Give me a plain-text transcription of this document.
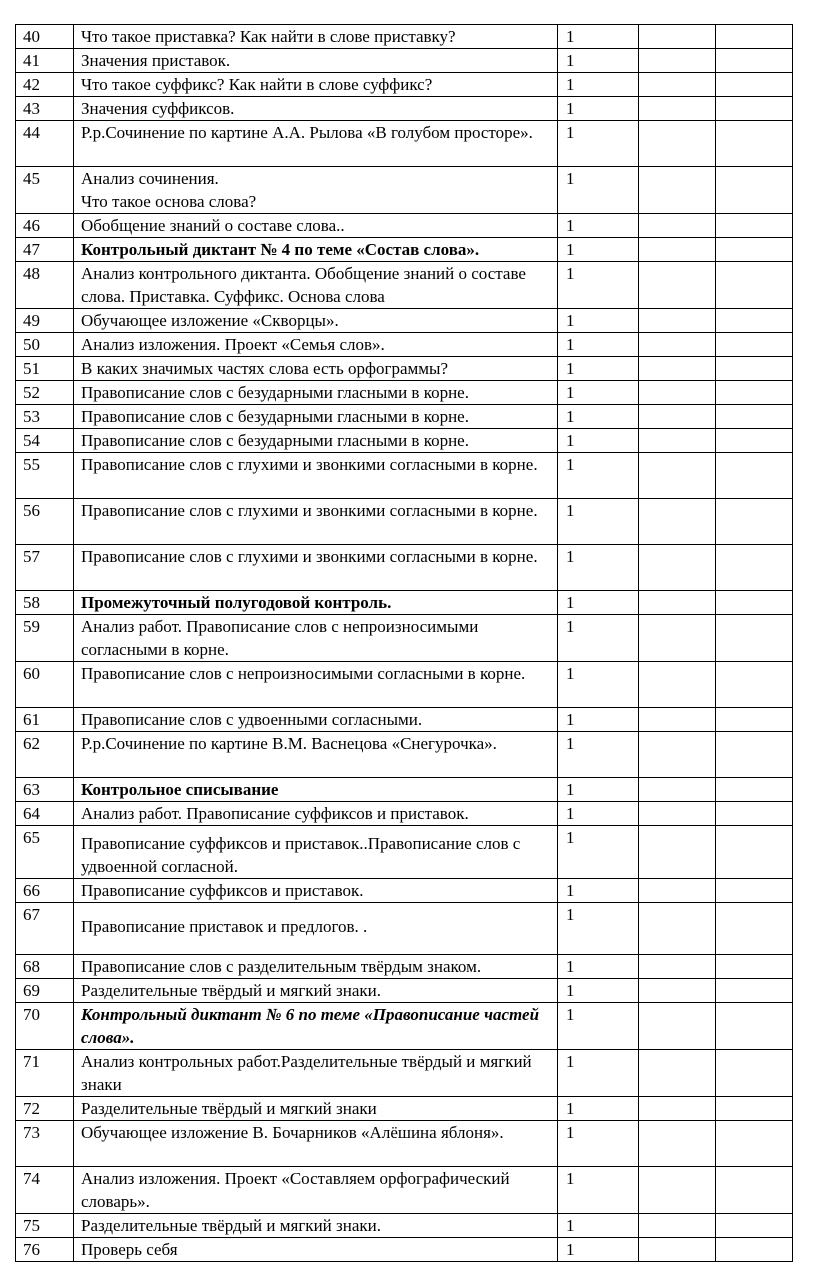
40	Что такое приставка? Как найти в слове приставку?	1		
41	Значения приставок.	1		
42	Что такое суффикс? Как найти в слове суффикс?	1		
43	Значения суффиксов.	1		
44	Р.р.Сочинение по картине А.А. Рылова «В голубом просторе».	1		
45	Анализ сочинения.
Что такое основа слова?	1		
46	Обобщение знаний о составе слова..	1		
47	Контрольный диктант № 4 по теме «Состав слова».	1		
48	Анализ контрольного диктанта. Обобщение знаний о составе слова. Приставка. Суффикс. Основа слова	1		
49	Обучающее изложение «Скворцы».	1		
50	Анализ изложения. Проект «Семья слов».	1		
51	В каких значимых частях слова есть орфограммы?	1		
52	Правописание слов с безударными гласными в корне.	1		
53	Правописание слов с безударными гласными в корне.	1		
54	Правописание слов с безударными гласными в корне.	1		
55	Правописание слов с глухими и звонкими согласными в корне.	1		
56	Правописание слов с глухими и звонкими согласными в корне.	1		
57	Правописание слов с глухими и звонкими согласными в корне.	1		
58	Промежуточный полугодовой контроль.	1		
59	Анализ работ. Правописание слов с непроизносимыми согласными в корне.	1		
60	Правописание слов с непроизносимыми согласными в корне.	1		
61	Правописание слов с удвоенными согласными.	1		
62	Р.р.Сочинение по картине В.М. Васнецова «Снегурочка».	1		
63	Контрольное списывание	1		
64	Анализ работ. Правописание суффиксов и приставок.	1		
65	Правописание суффиксов и приставок..Правописание слов с удвоенной согласной.	1		
66	Правописание суффиксов и приставок.	1		
67	Правописание приставок и предлогов. .	1		
68	Правописание слов с разделительным твёрдым знаком.	1		
69	Разделительные твёрдый и мягкий знаки.	1		
70	Контрольный диктант № 6 по теме «Правописание частей слова».	1		
71	Анализ контрольных работ.Разделительные твёрдый и мягкий знаки	1		
72	Разделительные твёрдый и мягкий знаки	1		
73	Обучающее изложение В. Бочарников «Алёшина яблоня».	1		
74	Анализ изложения. Проект «Составляем орфографический словарь».	1		
75	Разделительные твёрдый и мягкий знаки.	1		
76	Проверь себя	1		
